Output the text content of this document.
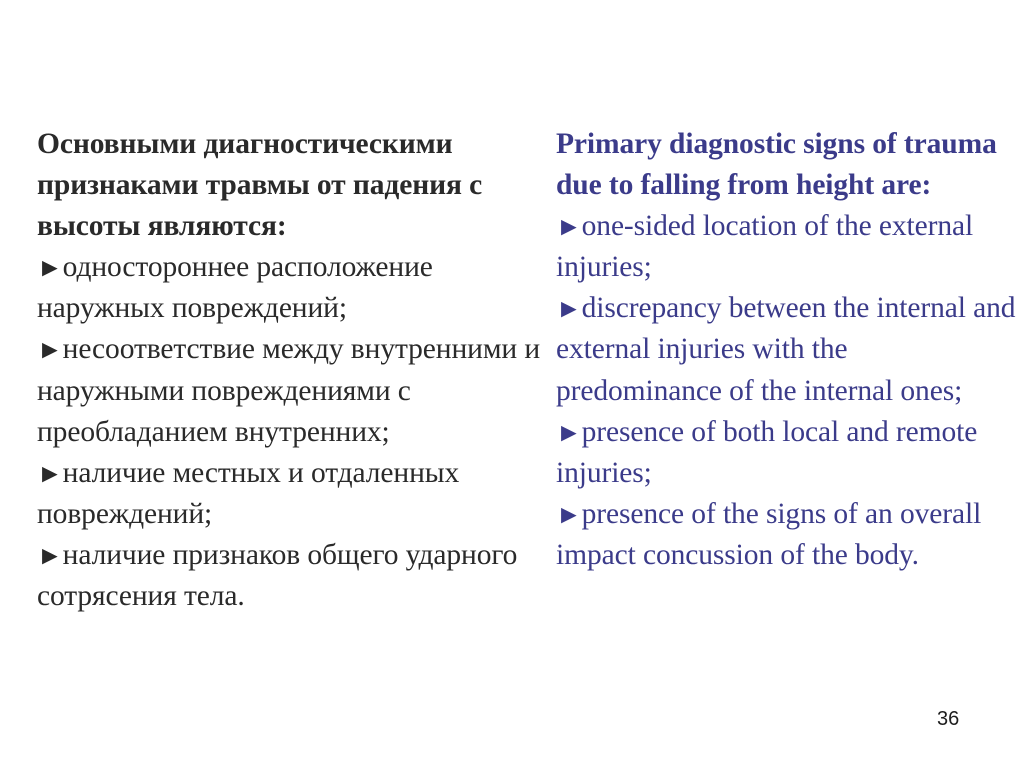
Основными диагностическими признаками травмы от падения с высоты являются:
►одностороннее расположение наружных повреждений;
►несоответствие между внутренними и наружными повреждениями с преобладанием внутренних;
►наличие местных и отдаленных повреждений;
►наличие признаков общего ударного сотрясения тела.
Primary diagnostic signs of trauma due to falling from height are:
►one-sided location of the external injuries;
►discrepancy between the internal and external injuries with the predominance of the internal ones;
►presence of both local and remote injuries;
►presence of the signs of an overall impact concussion of the body.
36
